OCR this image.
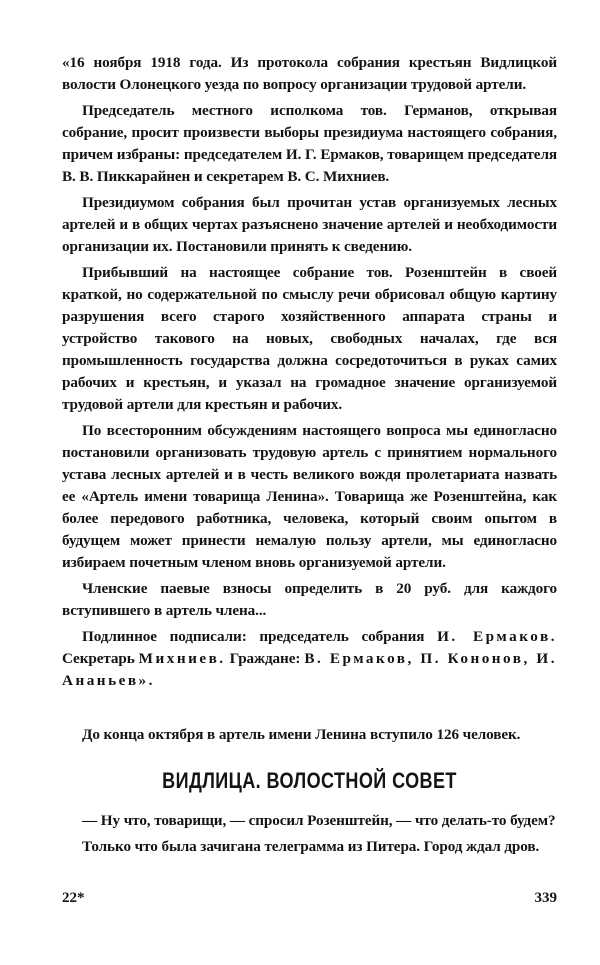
«16 ноября 1918 года. Из протокола собрания крестьян Видлицкой волости Олонецкого уезда по вопросу организации трудовой артели.

Председатель местного исполкома тов. Германов, открывая собрание, просит произвести выборы президиума настоящего собрания, причем избраны: председателем И. Г. Ермаков, товарищем председателя В. В. Пиккарайнен и секретарем В. С. Михниев.

Президиумом собрания был прочитан устав организуемых лесных артелей и в общих чертах разъяснено значение артелей и необходимости организации их. Постановили принять к сведению.

Прибывший на настоящее собрание тов. Розенштейн в своей краткой, но содержательной по смыслу речи обрисовал общую картину разрушения всего старого хозяйственного аппарата страны и устройство такового на новых, свободных началах, где вся промышленность государства должна сосредоточиться в руках самих рабочих и крестьян, и указал на громадное значение организуемой трудовой артели для крестьян и рабочих.

По всесторонним обсуждениям настоящего вопроса мы единогласно постановили организовать трудовую артель с принятием нормального устава лесных артелей и в честь великого вождя пролетариата назвать ее «Артель имени товарища Ленина». Товарища же Розенштейна, как более передового работника, человека, который своим опытом в будущем может принести немалую пользу артели, мы единогласно избираем почетным членом вновь организуемой артели.

Членские паевые взносы определить в 20 руб. для каждого вступившего в артель члена...

Подлинное подписали: председатель собрания И. Ермаков. Секретарь Михниев. Граждане: В. Ермаков, П. Кононов, И. Ананьев».

До конца октября в артель имени Ленина вступило 126 человек.

ВИДЛИЦА. ВОЛОСТНОЙ СОВЕТ

— Ну что, товарищи, — спросил Розенштейн, — что делать-то будем?

Только что была зачигана телеграмма из Питера. Город ждал дров.

22*	339
